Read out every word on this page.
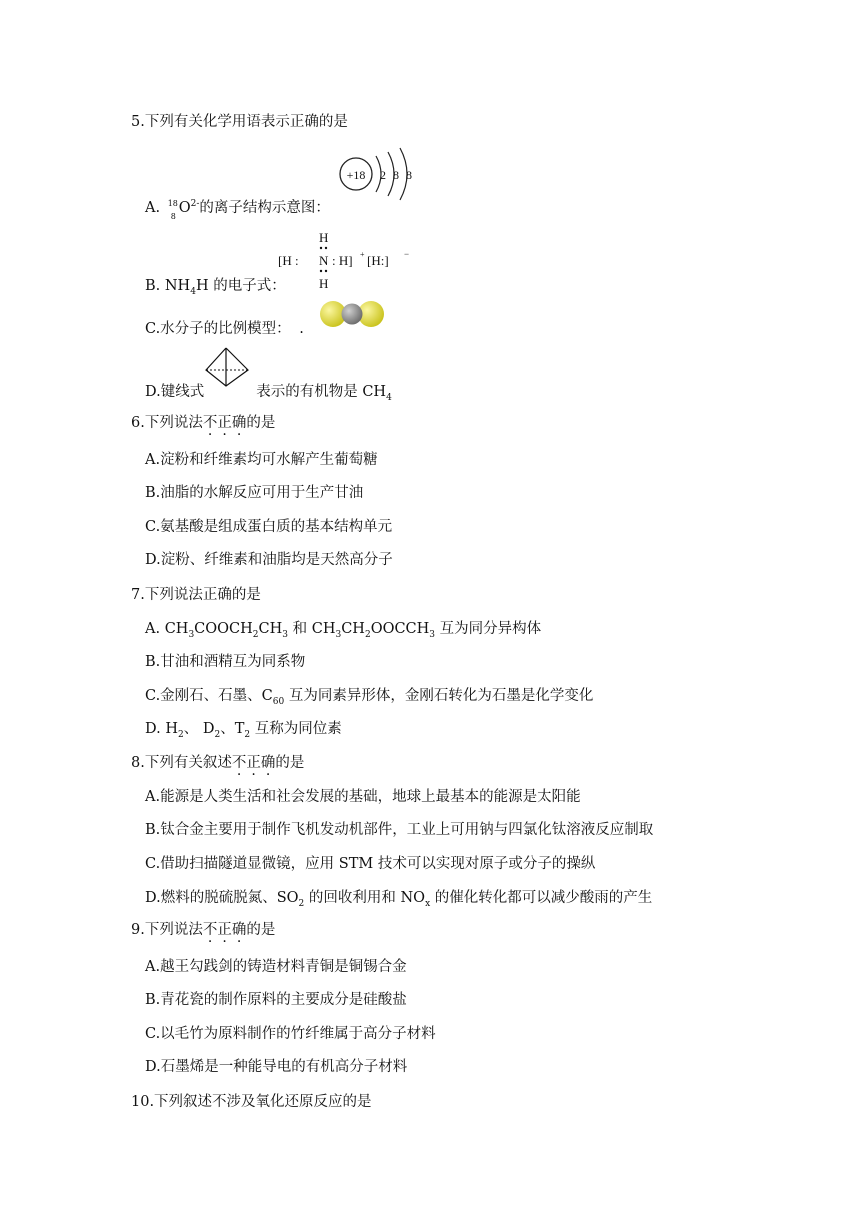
5.下列有关化学用语表示正确的是
+18 2 8 8
A. 18
8
$O^{2-}$的离子结构示意图：
H
[H : N : H] + [H:] −
H
B. $NH_4H$ 的电子式：
C.水分子的比例模型： .
D.键线式	表示的有机物是 $CH_4$
6.下列说法不正确的是
A.淀粉和纤维素均可水解产生葡萄糖
B.油脂的水解反应可用于生产甘油
C.氨基酸是组成蛋白质的基本结构单元
D.淀粉、纤维素和油脂均是天然高分子
7.下列说法正确的是
A. $CH_3COOCH_2CH_3$ 和 $CH_3CH_2OOCCH_3$ 互为同分异构体
B.甘油和酒精互为同系物
C.金刚石、石墨、$C_{60}$ 互为同素异形体，金刚石转化为石墨是化学变化
D. $H_2$、 $D_2$、$T_2$ 互称为同位素
8.下列有关叙述不正确的是
A.能源是人类生活和社会发展的基础，地球上最基本的能源是太阳能
B.钛合金主要用于制作飞机发动机部件，工业上可用钠与四氯化钛溶液反应制取
C.借助扫描隧道显微镜，应用 STM 技术可以实现对原子或分子的操纵
D.燃料的脱硫脱氮、$SO_2$ 的回收利用和 $NO_x$ 的催化转化都可以减少酸雨的产生
9.下列说法不正确的是
A.越王勾践剑的铸造材料青铜是铜锡合金
B.青花瓷的制作原料的主要成分是硅酸盐
C.以毛竹为原料制作的竹纤维属于高分子材料
D.石墨烯是一种能导电的有机高分子材料
10.下列叙述不涉及氧化还原反应的是
